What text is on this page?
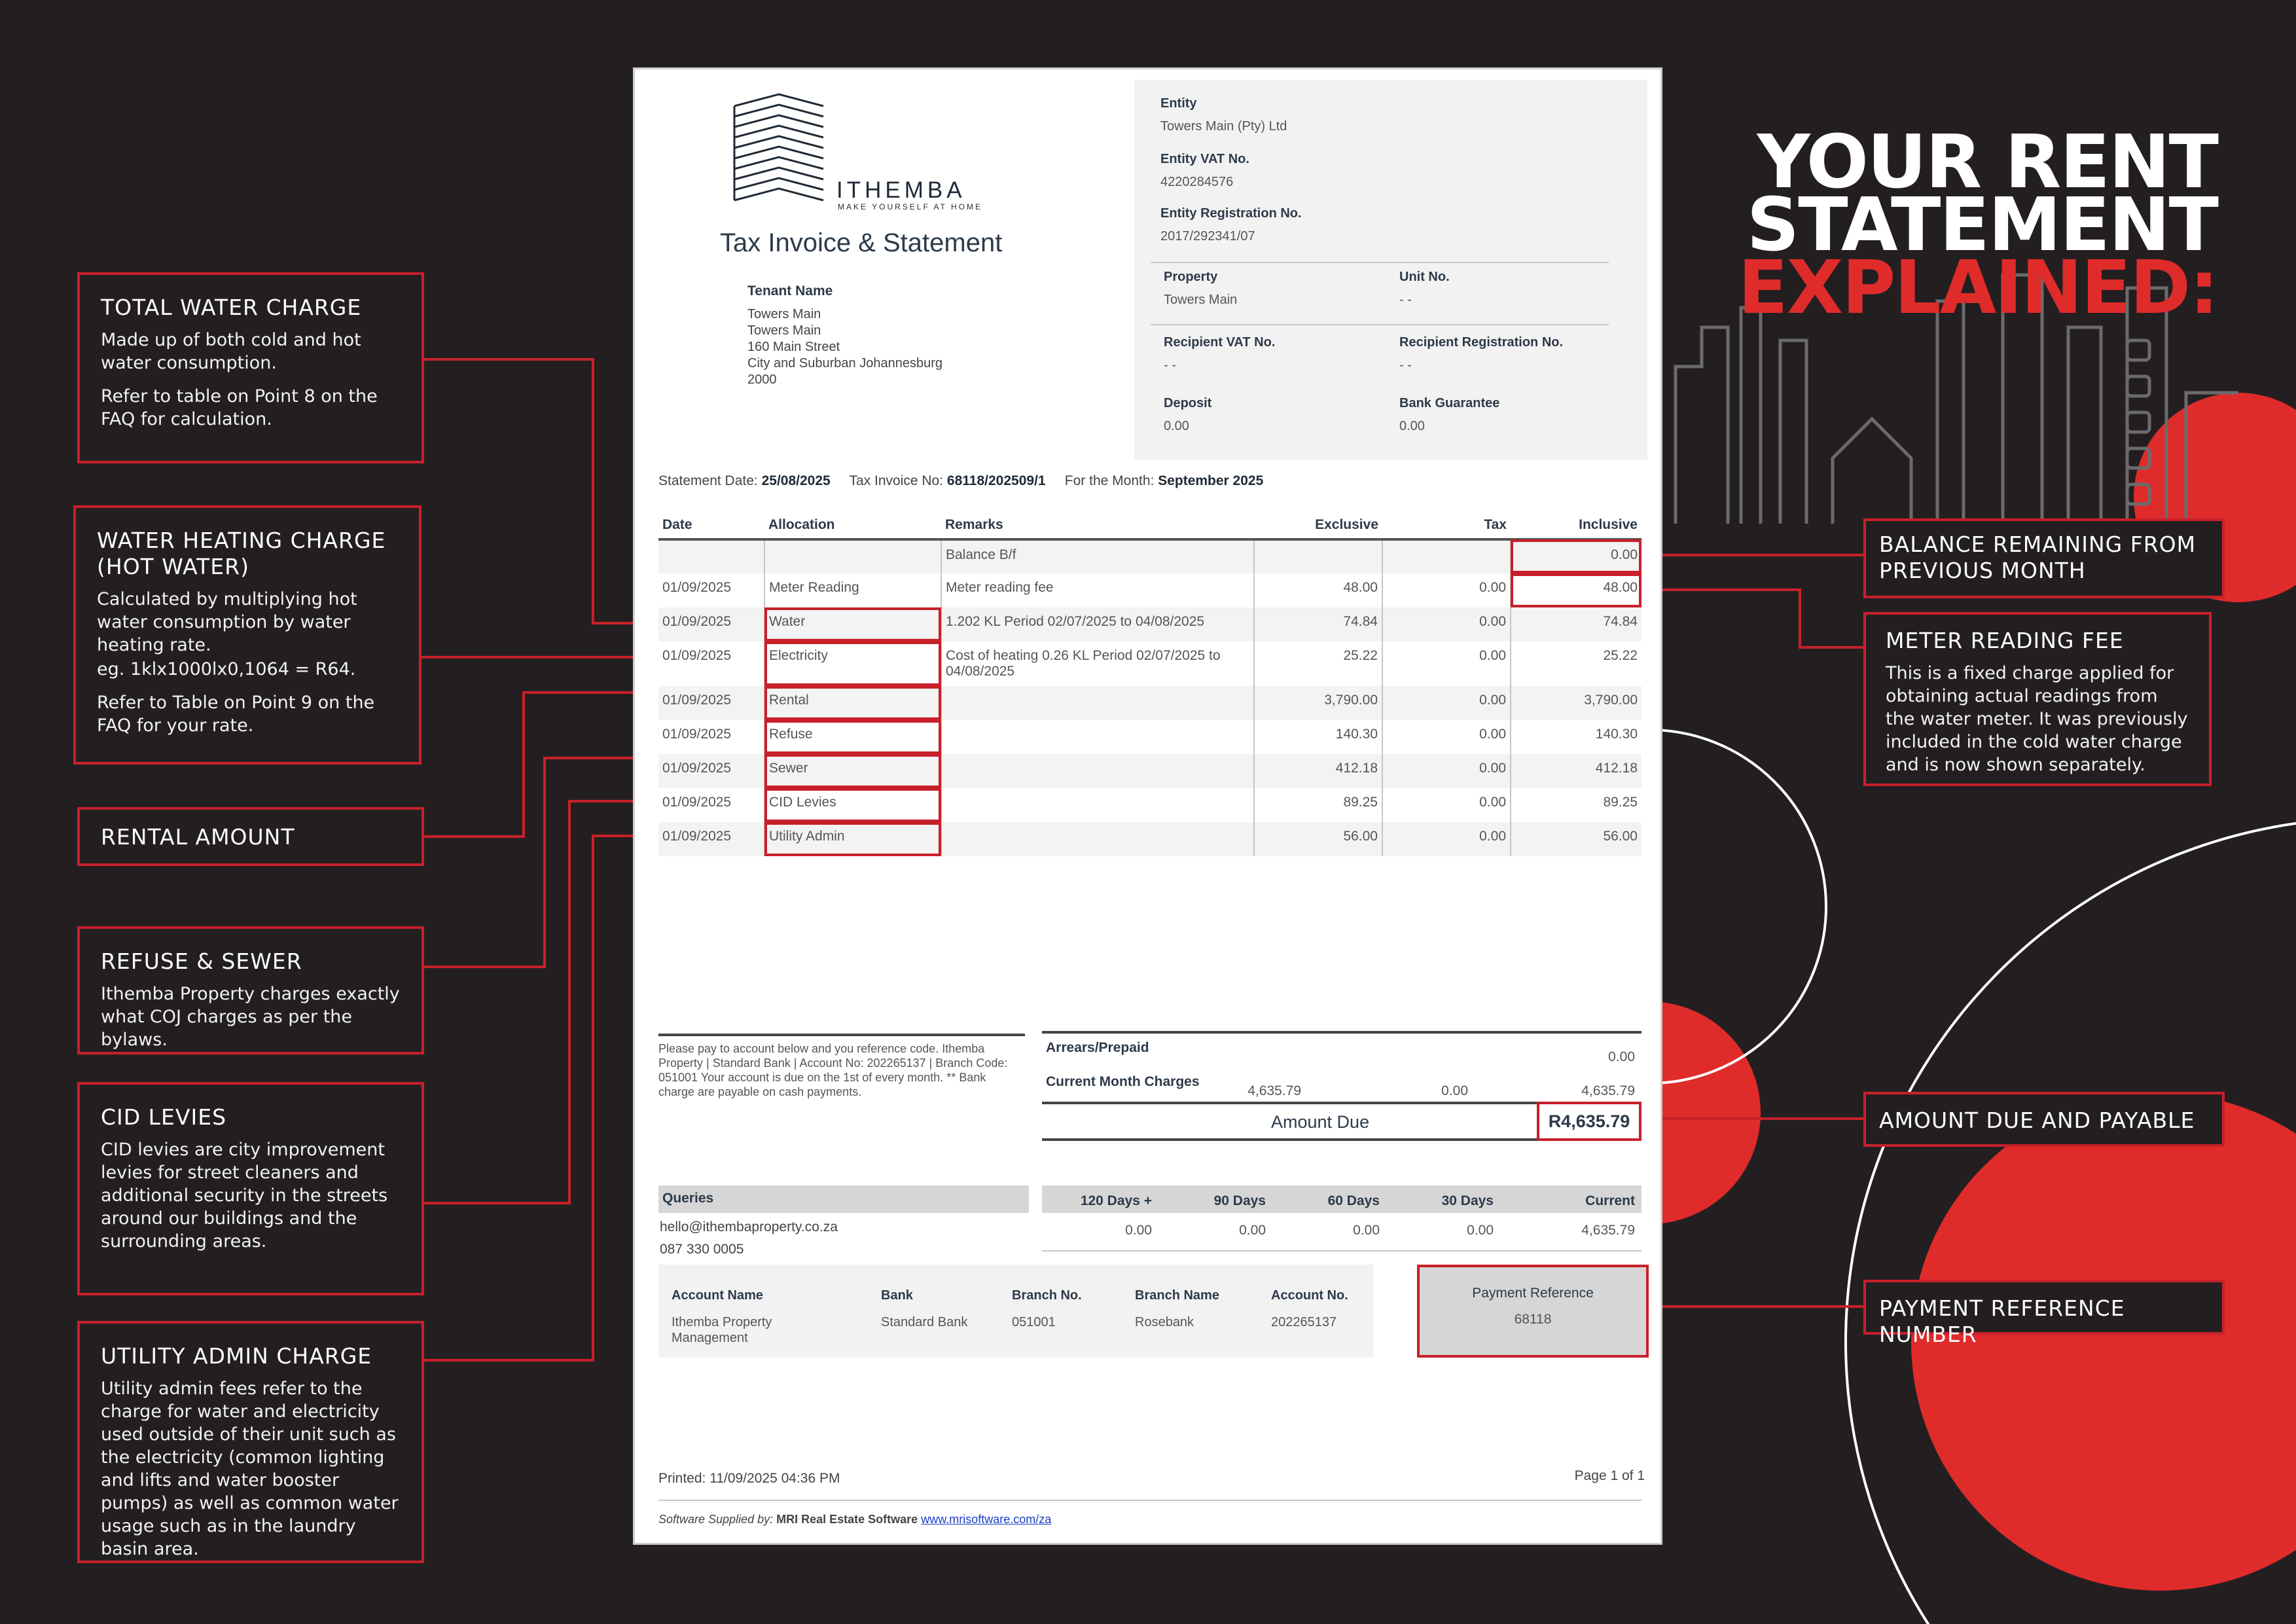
YOUR RENT
STATEMENT
EXPLAINED:
TOTAL WATER CHARGE
Made up of both cold and hot water consumption.
Refer to table on Point 8 on the FAQ for calculation.
WATER HEATING CHARGE (HOT WATER)
Calculated by multiplying hot water consumption by water heating rate.
eg. 1klx1000lx0,1064 = R64.
Refer to Table on Point 9 on the FAQ for your rate.
RENTAL AMOUNT
REFUSE & SEWER
Ithemba Property charges exactly what COJ charges as per the bylaws.
CID LEVIES
CID levies are city improvement levies for street cleaners and additional security in the streets around our buildings and the surrounding areas.
UTILITY ADMIN CHARGE
Utility admin fees refer to the charge for water and electricity used outside of their unit such as the electricity (common lighting and lifts and water booster pumps) as well as common water usage such as in the laundry basin area.
BALANCE REMAINING FROM PREVIOUS MONTH
METER READING FEE
This is a fixed charge applied for obtaining actual readings from the water meter. It was previously included in the cold water charge and is now shown separately.
AMOUNT DUE AND PAYABLE
PAYMENT REFERENCE NUMBER
ITHEMBA
MAKE YOURSELF AT HOME
Tax Invoice & Statement
Tenant Name
Towers Main
Towers Main
160 Main Street
City and Suburban Johannesburg
2000
Entity
Towers Main (Pty) Ltd
Entity VAT No.
4220284576
Entity Registration No.
2017/292341/07
Property
Towers Main
Unit No.
- -
Recipient VAT No.
- -
Recipient Registration No.
- -
Deposit
0.00
Bank Guarantee
0.00
Statement Date: 25/08/2025 Tax Invoice No: 68118/202509/1 For the Month: September 2025
Date	Allocation	Remarks	Exclusive	Tax	Inclusive
		Balance B/f			0.00
01/09/2025	Meter Reading	Meter reading fee	48.00	0.00	48.00
01/09/2025	Water	1.202 KL Period 02/07/2025 to 04/08/2025	74.84	0.00	74.84
01/09/2025	Electricity	Cost of heating 0.26 KL Period 02/07/2025 to 04/08/2025	25.22	0.00	25.22
01/09/2025	Rental		3,790.00	0.00	3,790.00
01/09/2025	Refuse		140.30	0.00	140.30
01/09/2025	Sewer		412.18	0.00	412.18
01/09/2025	CID Levies		89.25	0.00	89.25
01/09/2025	Utility Admin		56.00	0.00	56.00
Please pay to account below and you reference code. Ithemba Property | Standard Bank | Account No: 202265137 | Branch Code: 051001 Your account is due on the 1st of every month. ** Bank charge are payable on cash payments.
Arrears/Prepaid
0.00
Current Month Charges
4,635.79	0.00	4,635.79
Amount Due	R4,635.79
Queries
hello@ithembaproperty.co.za
087 330 0005
120 Days +	90 Days	60 Days	30 Days	Current
0.00	0.00	0.00	0.00	4,635.79
Account Name
Ithemba Property Management
Bank
Standard Bank
Branch No.
051001
Branch Name
Rosebank
Account No.
202265137
Payment Reference
68118
Printed: 11/09/2025 04:36 PM	Page 1 of 1
Software Supplied by: MRI Real Estate Software www.mrisoftware.com/za
